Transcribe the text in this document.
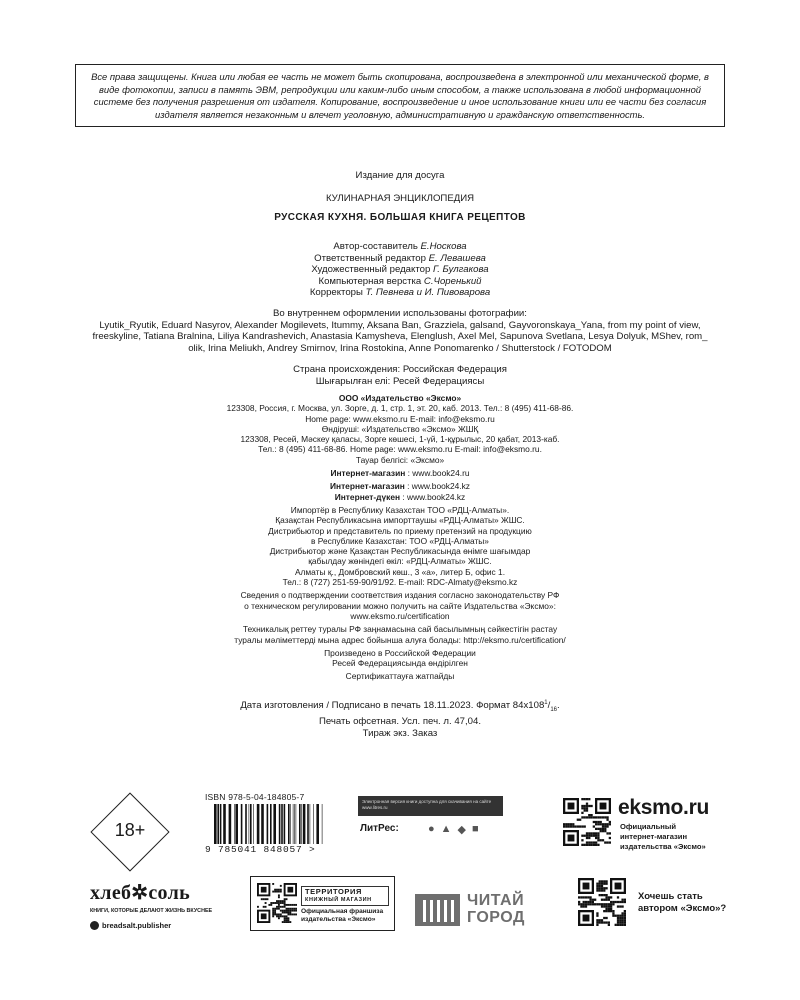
Все права защищены. Книга или любая ее часть не может быть скопирована, воспроизведена в электронной или механической форме, в виде фотокопии, записи в память ЭВМ, репродукции или каким-либо иным способом, а также использована в любой информационной системе без получения разрешения от издателя. Копирование, воспроизведение и иное использование книги или ее части без согласия издателя является незаконным и влечет уголовную, административную и гражданскую ответственность.
Издание для досуга
КУЛИНАРНАЯ ЭНЦИКЛОПЕДИЯ
РУССКАЯ КУХНЯ. БОЛЬШАЯ КНИГА РЕЦЕПТОВ
Автор-составитель Е.Носкова
Ответственный редактор Е. Левашева
Художественный редактор Г. Булгакова
Компьютерная верстка С.Чоренький
Корректоры Т. Певнева и И. Пивоварова
Во внутреннем оформлении использованы фотографии:
Lyutik_Ryutik, Eduard Nasyrov, Alexander Mogilevets, Itummy, Aksana Ban, Grazziela, galsand, Gayvoronskaya_Yana, from my point of view,
freeskyline, Tatiana Bralnina, Liliya Kandrashevich, Anastasia Kamysheva, Elenglush, Axel Mel, Sapunova Svetlana, Lesya Dolyuk, MShev, rom_
olik, Irina Meliukh, Andrey Smirnov, Irina Rostokina, Anne Ponomarenko / Shutterstock / FOTODOM
Страна происхождения: Российская Федерация
Шығарылған елі: Ресей Федерациясы
ООО «Издательство «Эксмо»
123308, Россия, г. Москва, ул. Зорге, д. 1, стр. 1, эт. 20, каб. 2013. Тел.: 8 (495) 411-68-86.
Home page: www.eksmo.ru E-mail: info@eksmo.ru
Өндіруші: «Издательство «Эксмо» ЖШҚ
123308, Ресей, Мәскеу қаласы, Зорге көшесі, 1-үй, 1-құрылыс, 20 қабат, 2013-каб.
Тел.: 8 (495) 411-68-86. Home page: www.eksmo.ru E-mail: info@eksmo.ru.
Тауар белгісі: «Эксмо»
Интернет-магазин : www.book24.ru
Интернет-магазин : www.book24.kz
Интернет-дүкен : www.book24.kz
Импортёр в Республику Казахстан ТОО «РДЦ-Алматы».
Қазақстан Республикасына импорттаушы «РДЦ-Алматы» ЖШС.
Дистрибьютор и представитель по приему претензий на продукцию
в Республике Казахстан: ТОО «РДЦ-Алматы»
Дистрибьютор және Қазақстан Республикасында өнімге шағымдар
қабылдау жөніндегі өкіл: «РДЦ-Алматы» ЖШС.
Алматы қ., Домбровский көш., 3 «а», литер Б, офис 1.
Тел.: 8 (727) 251-59-90/91/92. E-mail: RDC-Almaty@eksmo.kz
Сведения о подтверждении соответствия издания согласно законодательству РФ
о техническом регулировании можно получить на сайте Издательства «Эксмо»:
www.eksmo.ru/certification
Техникалық реттеу туралы РФ заңнамасына сай басылымның сәйкестігін растау
туралы мәліметтерді мына адрес бойынша алуға болады: http://eksmo.ru/certification/
Произведено в Российской Федерации
Ресей Федерациясында өндірілген
Сертификаттауға жатпайды
Дата изготовления / Подписано в печать 18.11.2023. Формат $84x108^1/_{16}$.
Печать офсетная. Усл. печ. л. 47,04.
Тираж экз. Заказ
18+
ISBN 978-5-04-184805-7
9 785041 848057 >
Электронная версия книги доступна для скачивания на сайте www.litres.ru
ЛитРес:	● ▲ ◆ ■
eksmo.ru
Официальный
интернет-магазин
издательства «Эксмо»
хлеб✲соль
КНИГИ, КОТОРЫЕ ДЕЛАЮТ ЖИЗНЬ ВКУСНЕЕ
breadsalt.publisher
ТЕРРИТОРИЯ
КНИЖНЫЙ МАГАЗИН
Официальная франшиза
издательства «Эксмо»
ЧИТАЙ
ГОРОД
Хочешь стать
автором «Эксмо»?
